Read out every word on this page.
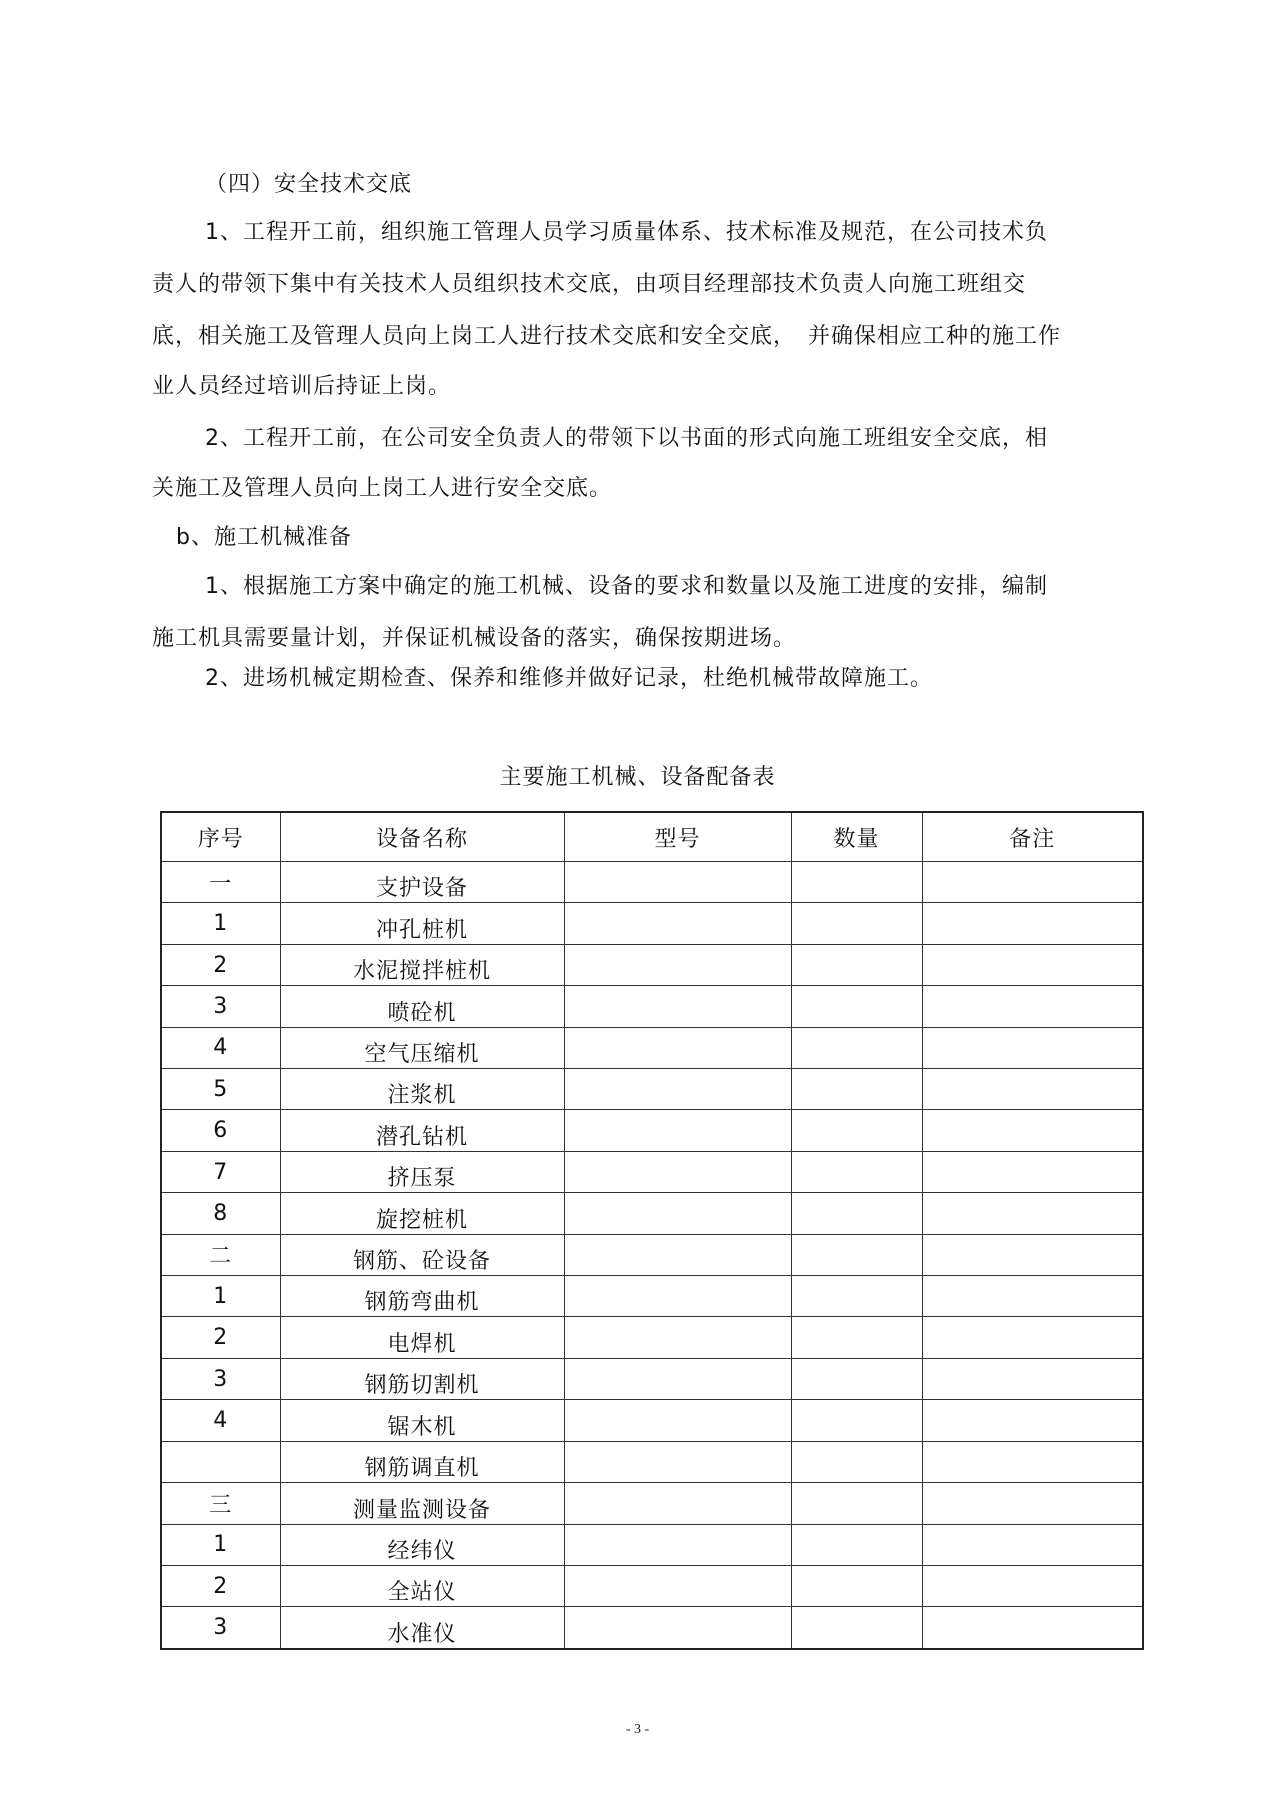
（四）安全技术交底
1、工程开工前，组织施工管理人员学习质量体系、技术标准及规范，在公司技术负
责人的带领下集中有关技术人员组织技术交底，由项目经理部技术负责人向施工班组交
底，相关施工及管理人员向上岗工人进行技术交底和安全交底，　并确保相应工种的施工作
业人员经过培训后持证上岗。
2、工程开工前，在公司安全负责人的带领下以书面的形式向施工班组安全交底，相
关施工及管理人员向上岗工人进行安全交底。
b、施工机械准备
1、根据施工方案中确定的施工机械、设备的要求和数量以及施工进度的安排，编制
施工机具需要量计划，并保证机械设备的落实，确保按期进场。
2、进场机械定期检查、保养和维修并做好记录，杜绝机械带故障施工。
主要施工机械、设备配备表
序号	设备名称	型号	数量	备注
一	支护设备			
1	冲孔桩机			
2	水泥搅拌桩机			
3	喷砼机			
4	空气压缩机			
5	注浆机			
6	潜孔钻机			
7	挤压泵			
8	旋挖桩机			
二	钢筋、砼设备			
1	钢筋弯曲机			
2	电焊机			
3	钢筋切割机			
4	锯木机			
	钢筋调直机			
三	测量监测设备			
1	经纬仪			
2	全站仪			
3	水准仪			
- 3 -
